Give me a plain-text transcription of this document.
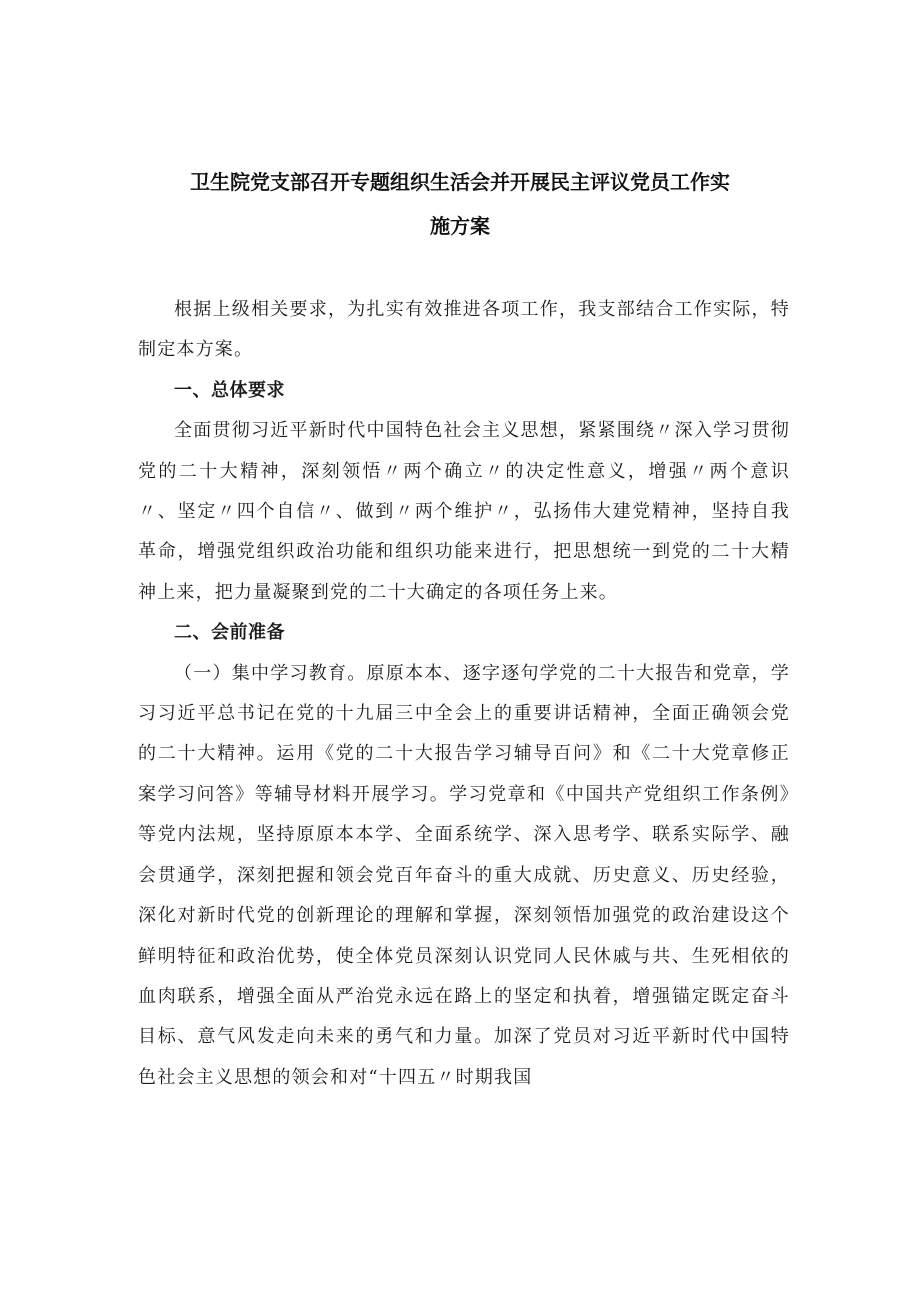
卫生院党支部召开专题组织生活会并开展民主评议党员工作实
施方案

根据上级相关要求，为扎实有效推进各项工作，我支部结合工作实际，特制定本方案。

一、总体要求

全面贯彻习近平新时代中国特色社会主义思想，紧紧围绕〃深入学习贯彻党的二十大精神，深刻领悟〃两个确立〃的决定性意义，增强〃两个意识〃、坚定〃四个自信〃、做到〃两个维护〃，弘扬伟大建党精神，坚持自我革命，增强党组织政治功能和组织功能来进行，把思想统一到党的二十大精神上来，把力量凝聚到党的二十大确定的各项任务上来。

二、会前准备

（一）集中学习教育。原原本本、逐字逐句学党的二十大报告和党章，学习习近平总书记在党的十九届三中全会上的重要讲话精神，全面正确领会党的二十大精神。运用《党的二十大报告学习辅导百问》和《二十大党章修正案学习问答》等辅导材料开展学习。学习党章和《中国共产党组织工作条例》等党内法规，坚持原原本本学、全面系统学、深入思考学、联系实际学、融会贯通学，深刻把握和领会党百年奋斗的重大成就、历史意义、历史经验，深化对新时代党的创新理论的理解和掌握，深刻领悟加强党的政治建设这个鲜明特征和政治优势，使全体党员深刻认识党同人民休戚与共、生死相依的血肉联系，增强全面从严治党永远在路上的坚定和执着，增强锚定既定奋斗目标、意气风发走向未来的勇气和力量。加深了党员对习近平新时代中国特色社会主义思想的领会和对“十四五〃时期我国
